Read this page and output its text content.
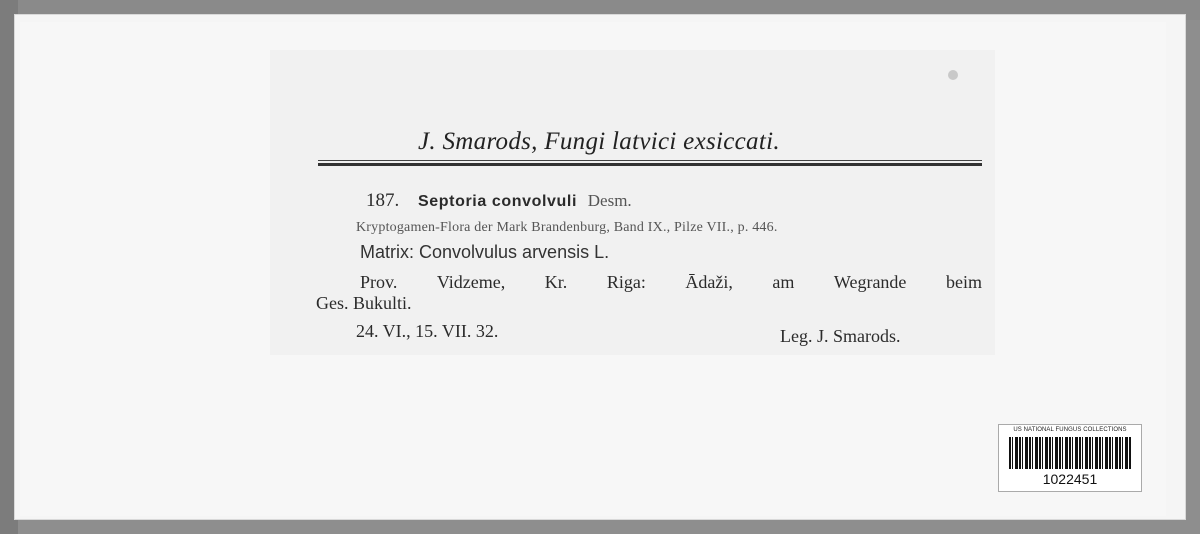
J. Smarods, Fungi latvici exsiccati.
187. Septoria convolvuli Desm.
Kryptogamen-Flora der Mark Brandenburg, Band IX., Pilze VII., p. 446.
Matrix: Convolvulus arvensis L.
Prov. Vidzeme, Kr. Riga: Ādaži, am Wegrande beim
Ges. Bukulti.
24. VI., 15. VII. 32.	Leg. J. Smarods.
US NATIONAL FUNGUS COLLECTIONS
1022451
